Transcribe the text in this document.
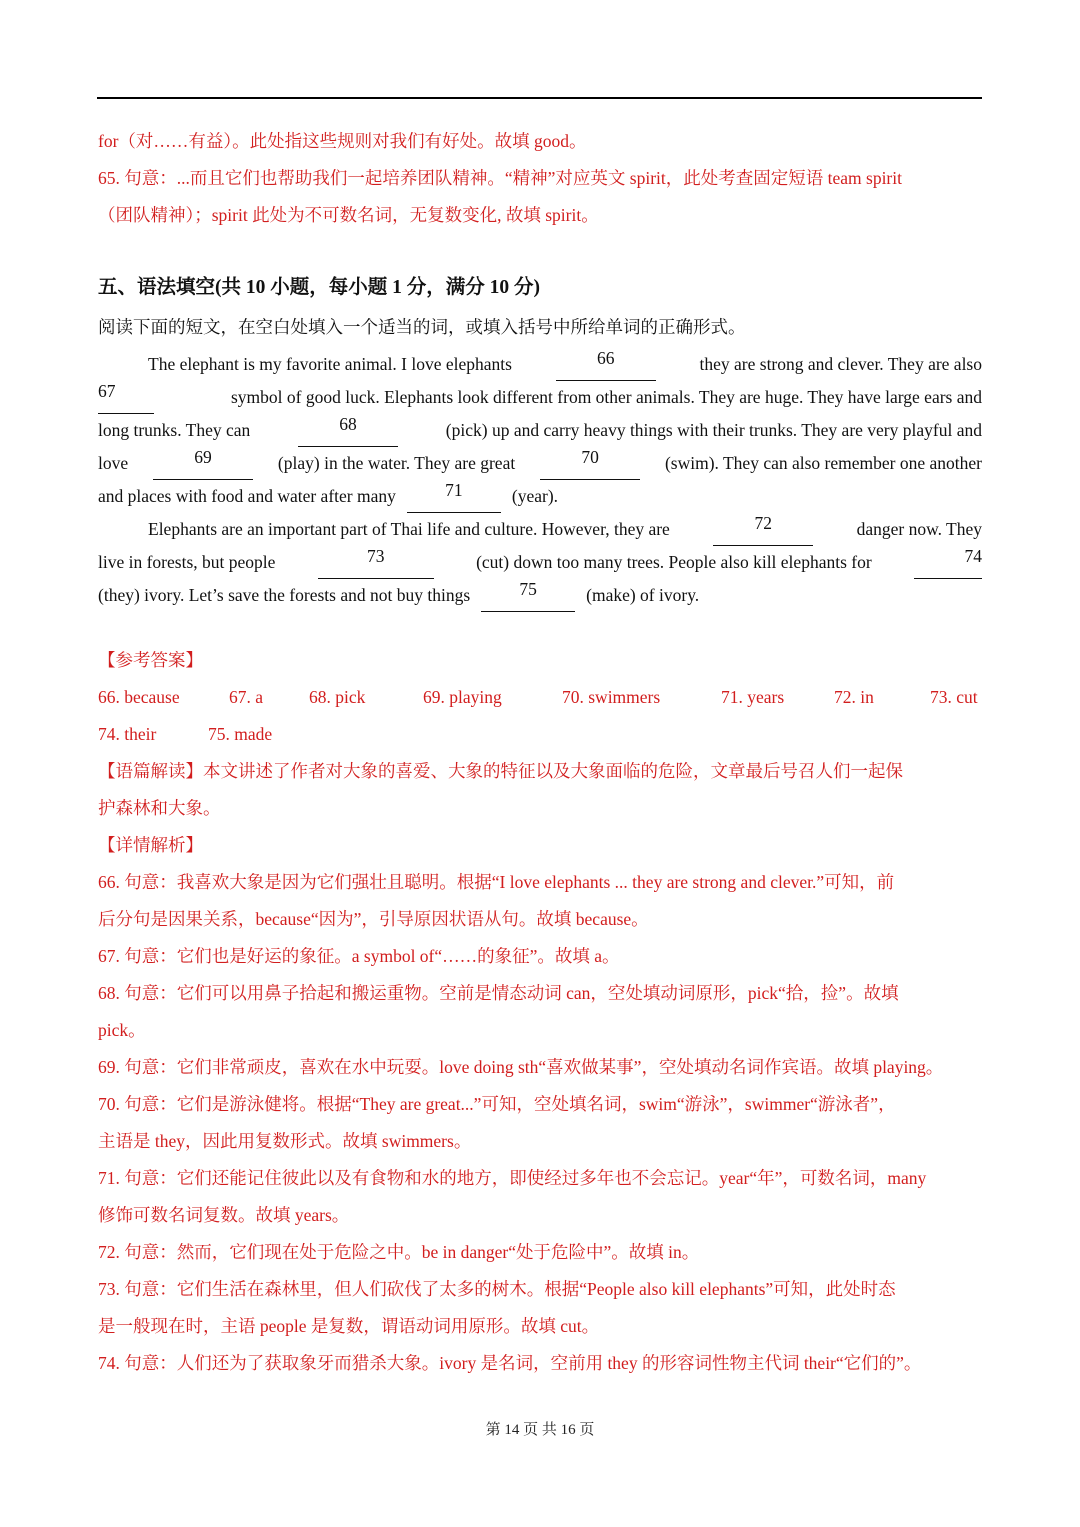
for（对……有益）。此处指这些规则对我们有好处。故填 good。
65. 句意：...而且它们也帮助我们一起培养团队精神。“精神”对应英文 spirit，此处考查固定短语 team spirit
（团队精神）；spirit 此处为不可数名词，无复数变化, 故填 spirit。
五、语法填空(共 10 小题，每小题 1 分，满分 10 分)
阅读下面的短文，在空白处填入一个适当的词，或填入括号中所给单词的正确形式。
The elephant is my favorite animal. I love elephants	66	they are strong and clever. They are also
67	symbol of good luck. Elephants look different from other animals. They are huge. They have large ears and
long trunks. They can	68	(pick) up and carry heavy things with their trunks. They are very playful and
love	69	(play) in the water. They are great	70	(swim). They can also remember one another
and places with food and water after many	71	(year).
Elephants are an important part of Thai life and culture. However, they are	72	danger now. They
live in forests, but people	73	(cut) down too many trees. People also kill elephants for	74
(they) ivory. Let’s save the forests and not buy things	75	(make) of ivory.
【参考答案】
66. because	67. a	68. pick	69. playing	70. swimmers	71. years	72. in	73. cut
74. their	75. made
【语篇解读】本文讲述了作者对大象的喜爱、大象的特征以及大象面临的危险，文章最后号召人们一起保
护森林和大象。
【详情解析】
66. 句意：我喜欢大象是因为它们强壮且聪明。根据“I love elephants ... they are strong and clever.”可知，前
后分句是因果关系，because“因为”，引导原因状语从句。故填 because。
67. 句意：它们也是好运的象征。a symbol of“……的象征”。故填 a。
68. 句意：它们可以用鼻子拾起和搬运重物。空前是情态动词 can，空处填动词原形，pick“拾，捡”。故填
pick。
69. 句意：它们非常顽皮，喜欢在水中玩耍。love doing sth“喜欢做某事”，空处填动名词作宾语。故填 playing。
70. 句意：它们是游泳健将。根据“They are great...”可知，空处填名词，swim“游泳”，swimmer“游泳者”，
主语是 they，因此用复数形式。故填 swimmers。
71. 句意：它们还能记住彼此以及有食物和水的地方，即使经过多年也不会忘记。year“年”，可数名词，many
修饰可数名词复数。故填 years。
72. 句意：然而，它们现在处于危险之中。be in danger“处于危险中”。故填 in。
73. 句意：它们生活在森林里，但人们砍伐了太多的树木。根据“People also kill elephants”可知，此处时态
是一般现在时，主语 people 是复数，谓语动词用原形。故填 cut。
74. 句意：人们还为了获取象牙而猎杀大象。ivory 是名词，空前用 they 的形容词性物主代词 their“它们的”。
第 14 页 共 16 页
